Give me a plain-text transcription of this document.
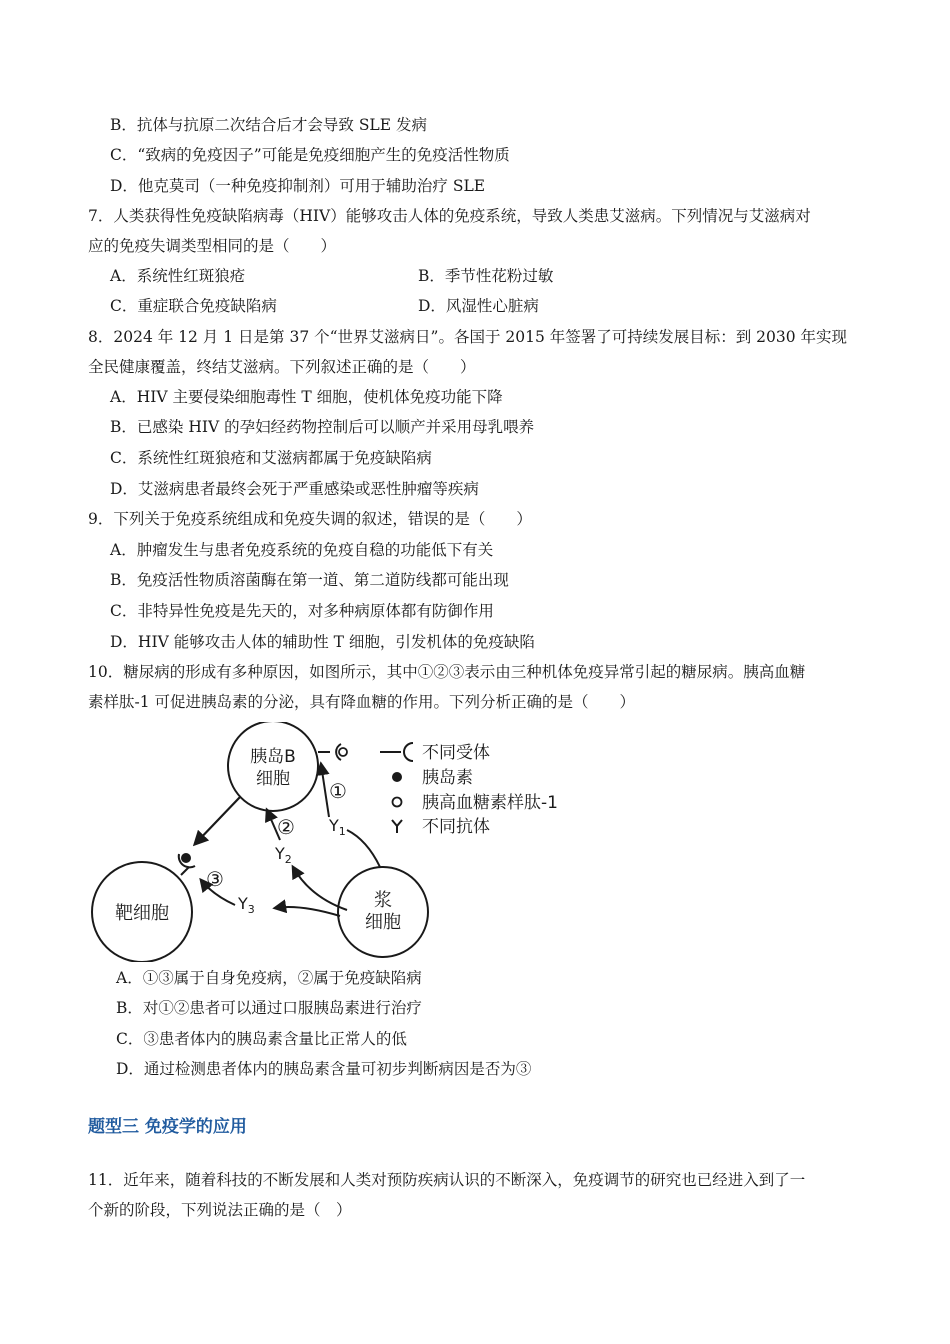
B．抗体与抗原二次结合后才会导致 SLE 发病
C．“致病的免疫因子”可能是免疫细胞产生的免疫活性物质
D．他克莫司（一种免疫抑制剂）可用于辅助治疗 SLE
7．人类获得性免疫缺陷病毒（HIV）能够攻击人体的免疫系统，导致人类患艾滋病。下列情况与艾滋病对
应的免疫失调类型相同的是（　　）
A．系统性红斑狼疮	B．季节性花粉过敏
C．重症联合免疫缺陷病	D．风湿性心脏病
8．2024 年 12 月 1 日是第 37 个“世界艾滋病日”。各国于 2015 年签署了可持续发展目标：到 2030 年实现
全民健康覆盖，终结艾滋病。下列叙述正确的是（　　）
A．HIV 主要侵染细胞毒性 T 细胞，使机体免疫功能下降
B．已感染 HIV 的孕妇经药物控制后可以顺产并采用母乳喂养
C．系统性红斑狼疮和艾滋病都属于免疫缺陷病
D．艾滋病患者最终会死于严重感染或恶性肿瘤等疾病
9．下列关于免疫系统组成和免疫失调的叙述，错误的是（　　）
A．肿瘤发生与患者免疫系统的免疫自稳的功能低下有关
B．免疫活性物质溶菌酶在第一道、第二道防线都可能出现
C．非特异性免疫是先天的，对多种病原体都有防御作用
D．HIV 能够攻击人体的辅助性 T 细胞，引发机体的免疫缺陷
10．糖尿病的形成有多种原因，如图所示，其中①②③表示由三种机体免疫异常引起的糖尿病。胰高血糖
素样肽-1 可促进胰岛素的分泌，具有降血糖的作用。下列分析正确的是（　　）
胰岛B
细胞
靶细胞
浆
细胞
①
②
③
$Y_1$
$Y_2$
$Y_3$
不同受体
胰岛素
胰高血糖素样肽-1
不同抗体
A．①③属于自身免疫病，②属于免疫缺陷病
B．对①②患者可以通过口服胰岛素进行治疗
C．③患者体内的胰岛素含量比正常人的低
D．通过检测患者体内的胰岛素含量可初步判断病因是否为③
题型三 免疫学的应用
11．近年来，随着科技的不断发展和人类对预防疾病认识的不断深入，免疫调节的研究也已经进入到了一
个新的阶段，下列说法正确的是（　）
